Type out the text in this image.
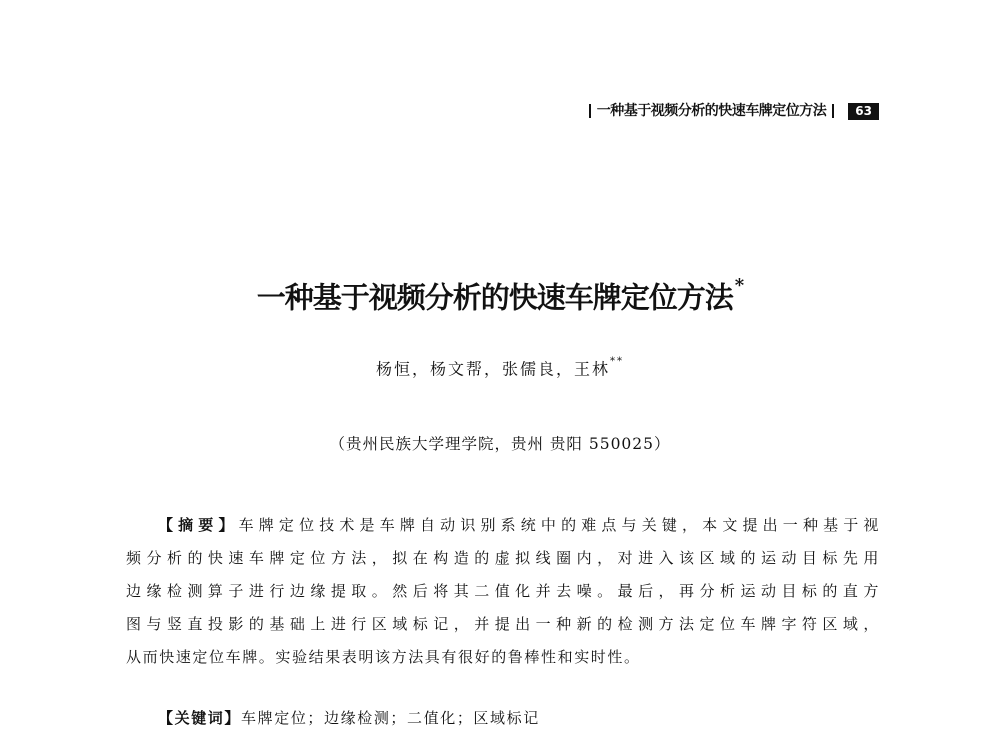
一种基于视频分析的快速车牌定位方法	63
一种基于视频分析的快速车牌定位方法 *
杨恒，杨文帮，张儒良，王林**
（贵州民族大学理学院，贵州 贵阳 550025）
【摘要】车牌定位技术是车牌自动识别系统中的难点与关键，本文提出一种基于视
频分析的快速车牌定位方法，拟在构造的虚拟线圈内，对进入该区域的运动目标先用
边缘检测算子进行边缘提取。然后将其二值化并去噪。最后，再分析运动目标的直方
图与竖直投影的基础上进行区域标记，并提出一种新的检测方法定位车牌字符区域，
从而快速定位车牌。实验结果表明该方法具有很好的鲁棒性和实时性。
【关键词】车牌定位；边缘检测；二值化；区域标记
